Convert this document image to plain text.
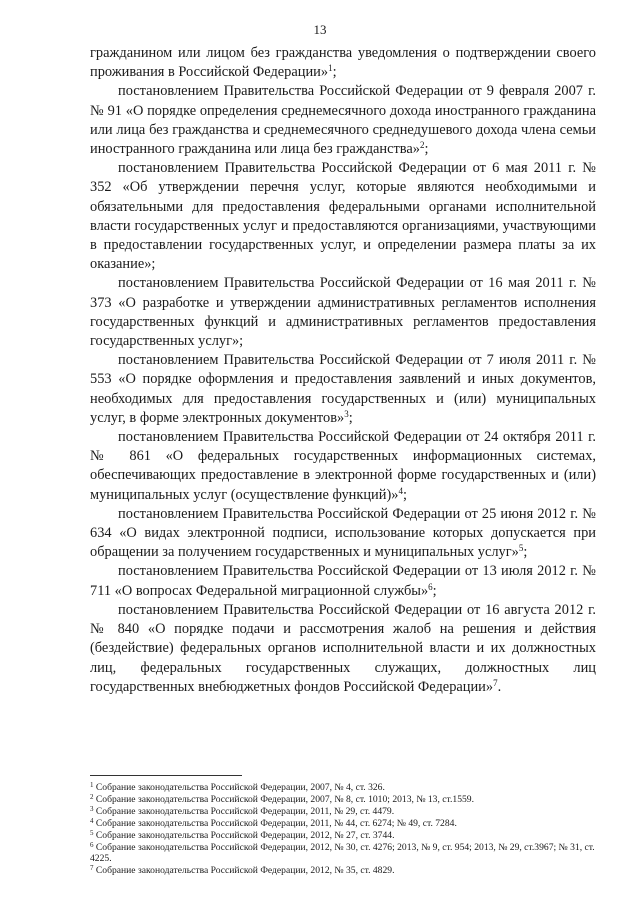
13

гражданином или лицом без гражданства уведомления о подтверждении своего проживания в Российской Федерации»$^1$;

постановлением Правительства Российской Федерации от 9 февраля 2007 г. № 91 «О порядке определения среднемесячного дохода иностранного гражданина или лица без гражданства и среднемесячного среднедушевого дохода члена семьи иностранного гражданина или лица без гражданства»$^2$;

постановлением Правительства Российской Федерации от 6 мая 2011 г. № 352 «Об утверждении перечня услуг, которые являются необходимыми и обязательными для предоставления федеральными органами исполнительной власти государственных услуг и предоставляются организациями, участвующими в предоставлении государственных услуг, и определении размера платы за их оказание»;

постановлением Правительства Российской Федерации от 16 мая 2011 г. № 373 «О разработке и утверждении административных регламентов исполнения государственных функций и административных регламентов предоставления государственных услуг»;

постановлением Правительства Российской Федерации от 7 июля 2011 г. № 553 «О порядке оформления и предоставления заявлений и иных документов, необходимых для предоставления государственных и (или) муниципальных услуг, в форме электронных документов»$^3$;

постановлением Правительства Российской Федерации от 24 октября 2011 г. № 861 «О федеральных государственных информационных системах, обеспечивающих предоставление в электронной форме государственных и (или) муниципальных услуг (осуществление функций)»$^4$;

постановлением Правительства Российской Федерации от 25 июня 2012 г. № 634 «О видах электронной подписи, использование которых допускается при обращении за получением государственных и муниципальных услуг»$^5$;

постановлением Правительства Российской Федерации от 13 июля 2012 г. № 711 «О вопросах Федеральной миграционной службы»$^6$;

постановлением Правительства Российской Федерации от 16 августа 2012 г. № 840 «О порядке подачи и рассмотрения жалоб на решения и действия (бездействие) федеральных органов исполнительной власти и их должностных лиц, федеральных государственных служащих, должностных лиц государственных внебюджетных фондов Российской Федерации»$^7$.

$^1$ Собрание законодательства Российской Федерации, 2007, № 4, ст. 326.
$^2$ Собрание законодательства Российской Федерации, 2007, № 8, ст. 1010; 2013, № 13, ст.1559.
$^3$ Собрание законодательства Российской Федерации, 2011, № 29, ст. 4479.
$^4$ Собрание законодательства Российской Федерации, 2011, № 44, ст. 6274; № 49, ст. 7284.
$^5$ Собрание законодательства Российской Федерации, 2012, № 27, ст. 3744.
$^6$ Собрание законодательства Российской Федерации, 2012, № 30, ст. 4276; 2013, № 9, ст. 954; 2013, № 29, ст.3967; № 31, ст. 4225.
$^7$ Собрание законодательства Российской Федерации, 2012, № 35, ст. 4829.
